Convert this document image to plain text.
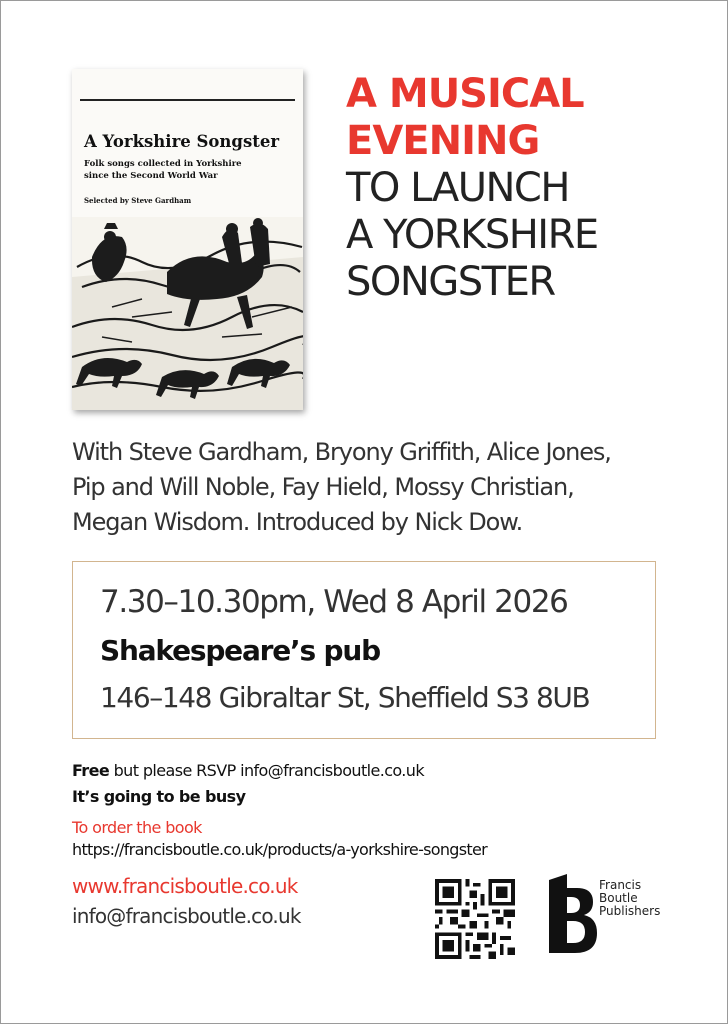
A Yorkshire Songster
Folk songs collected in Yorkshire
since the Second World War
Selected by Steve Gardham
A MUSICAL
EVENING
TO LAUNCH
A YORKSHIRE
SONGSTER
With Steve Gardham, Bryony Griffith, Alice Jones,
Pip and Will Noble, Fay Hield, Mossy Christian,
Megan Wisdom. Introduced by Nick Dow.
7.30–10.30pm, Wed 8 April 2026
Shakespeare’s pub
146–148 Gibraltar St, Sheffield S3 8UB
Free but please RSVP info@francisboutle.co.uk
It’s going to be busy
To order the book
https://francisboutle.co.uk/products/a-yorkshire-songster
www.francisboutle.co.uk
info@francisboutle.co.uk
Francis
Boutle
Publishers
